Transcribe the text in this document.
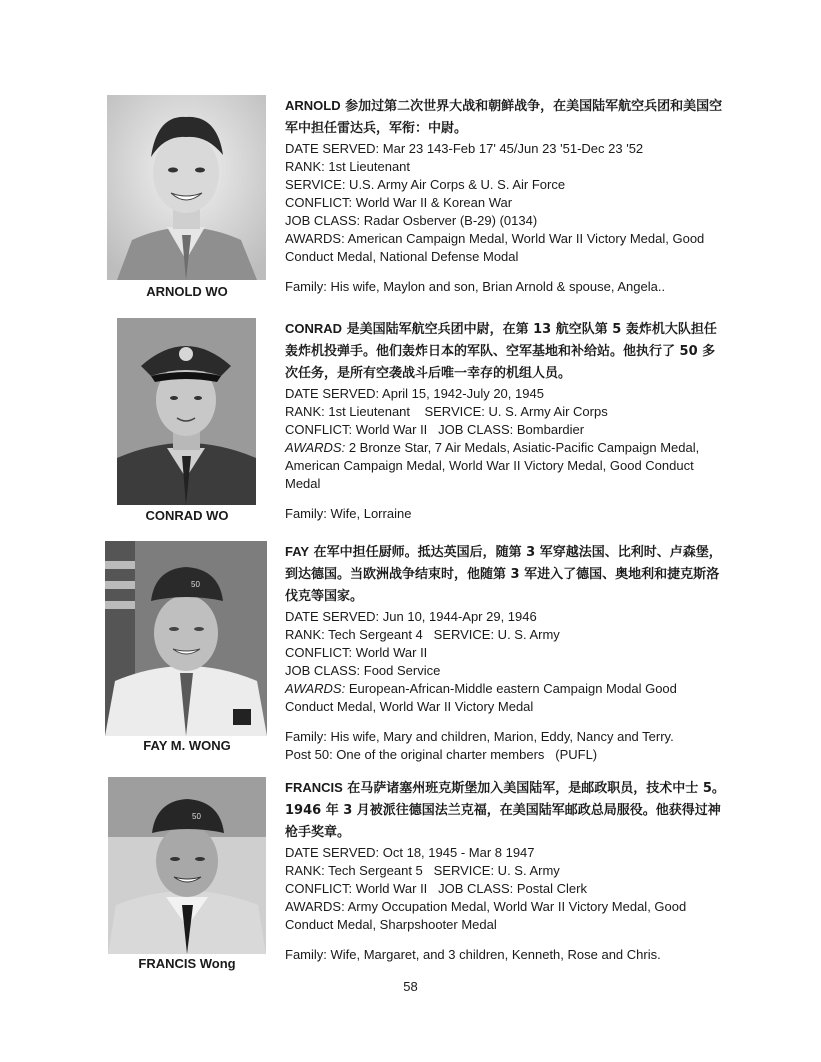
ARNOLD WO
ARNOLD 参加过第二次世界大战和朝鲜战争，在美国陆军航空兵团和美国空军中担任雷达兵，军衔：中尉。
DATE SERVED: Mar 23 143-Feb 17' 45/Jun 23 '51-Dec 23 '52
RANK: 1st Lieutenant
SERVICE: U.S. Army Air Corps & U. S. Air Force
CONFLICT: World War II & Korean War
JOB CLASS: Radar Osberver (B-29) (0134)
AWARDS: American Campaign Medal, World War II Victory Medal, Good Conduct Medal, National Defense Modal
Family: His wife, Maylon and son, Brian Arnold & spouse, Angela..
CONRAD WO
CONRAD 是美国陆军航空兵团中尉，在第 13 航空队第 5 轰炸机大队担任轰炸机投弹手。他们轰炸日本的军队、空军基地和补给站。他执行了 50 多次任务，是所有空袭战斗后唯一幸存的机组人员。
DATE SERVED: April 15, 1942-July 20, 1945
RANK: 1st Lieutenant    SERVICE: U. S. Army Air Corps
CONFLICT: World War II   JOB CLASS: Bombardier
AWARDS: 2 Bronze Star, 7 Air Medals, Asiatic-Pacific Campaign Medal, American Campaign Medal, World War II Victory Medal, Good Conduct Medal
Family: Wife, Lorraine
50
FAY M. WONG
FAY 在军中担任厨师。抵达英国后，随第 3 军穿越法国、比利时、卢森堡，到达德国。当欧洲战争结束时，他随第 3 军进入了德国、奥地利和捷克斯洛伐克等国家。
DATE SERVED: Jun 10, 1944-Apr 29, 1946
RANK: Tech Sergeant 4   SERVICE: U. S. Army
CONFLICT: World War II
JOB CLASS: Food Service
AWARDS: European-African-Middle eastern Campaign Modal Good Conduct Medal, World War II Victory Medal
Family: His wife, Mary and children, Marion, Eddy, Nancy and Terry.
Post 50: One of the original charter members   (PUFL)
50
FRANCIS Wong
FRANCIS 在马萨诸塞州班克斯堡加入美国陆军，是邮政职员，技术中士 5。1946 年 3 月被派往德国法兰克福，在美国陆军邮政总局服役。他获得过神枪手奖章。
DATE SERVED: Oct 18, 1945 - Mar 8 1947
RANK: Tech Sergeant 5   SERVICE: U. S. Army
CONFLICT: World War II   JOB CLASS: Postal Clerk
AWARDS: Army Occupation Medal, World War II Victory Medal, Good Conduct Medal, Sharpshooter Medal
Family: Wife, Margaret, and 3 children, Kenneth, Rose and Chris.
58
